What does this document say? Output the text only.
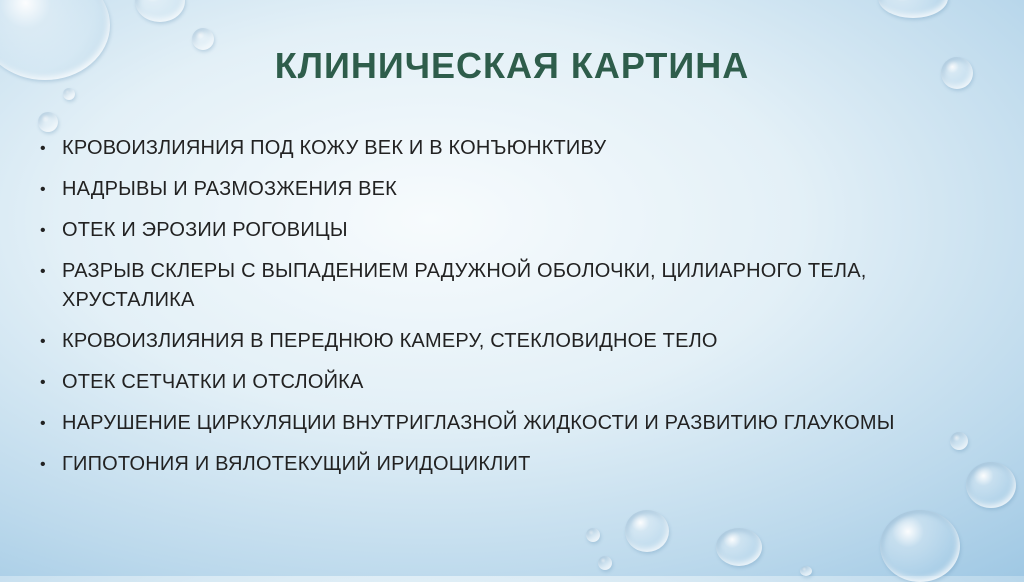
КЛИНИЧЕСКАЯ КАРТИНА
• КРОВОИЗЛИЯНИЯ ПОД КОЖУ ВЕК И В КОНЪЮНКТИВУ
• НАДРЫВЫ И РАЗМОЗЖЕНИЯ ВЕК
• ОТЕК И ЭРОЗИИ РОГОВИЦЫ
• РАЗРЫВ СКЛЕРЫ С ВЫПАДЕНИЕМ РАДУЖНОЙ ОБОЛОЧКИ, ЦИЛИАРНОГО ТЕЛА, ХРУСТАЛИКА
• КРОВОИЗЛИЯНИЯ В ПЕРЕДНЮЮ КАМЕРУ, СТЕКЛОВИДНОЕ ТЕЛО
• ОТЕК СЕТЧАТКИ И ОТСЛОЙКА
• НАРУШЕНИЕ ЦИРКУЛЯЦИИ ВНУТРИГЛАЗНОЙ ЖИДКОСТИ И РАЗВИТИЮ ГЛАУКОМЫ
• ГИПОТОНИЯ И ВЯЛОТЕКУЩИЙ ИРИДОЦИКЛИТ
